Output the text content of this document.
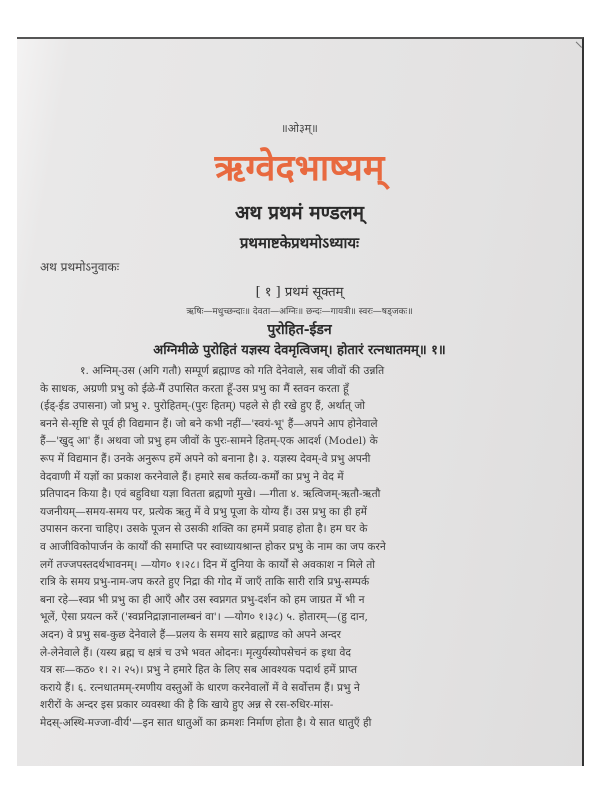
॥ओ३म्॥
ऋग्वेदभाष्यम्
अथ प्रथमं मण्डलम्
प्रथमाष्टकेप्रथमोऽध्यायः
अथ प्रथमोऽनुवाकः
[ १ ] प्रथमं सूक्तम्
ऋषिः—मधुच्छन्दाः॥ देवता—अग्निः॥ छन्दः—गायत्री॥ स्वरः—षड्जकः॥
पुरोहित-ईडन
अग्निमीळे पुरोहितं यज्ञस्य देवमृत्विजम्। होतारं रत्नधातमम्॥ १॥
१. अग्निम्-उस (अगि गतौ) सम्पूर्ण ब्रह्माण्ड को गति देनेवाले, सब जीवों की उन्नति
के साधक, अग्रणी प्रभु को ईळे-मैं उपासित करता हूँ-उस प्रभु का मैं स्तवन करता हूँ
(ईड्-ईड उपासना) जो प्रभु २. पुरोहितम्-(पुरः हितम्) पहले से ही रखे हुए हैं, अर्थात् जो
बनने से-सृष्टि से पूर्व ही विद्यमान हैं। जो बने कभी नहीं—'स्वयं-भू' हैं—अपने आप होनेवाले
हैं—'खुद् आ' हैं। अथवा जो प्रभु हम जीवों के पुरः-सामने हितम्-एक आदर्श (Model) के
रूप में विद्यमान हैं। उनके अनुरूप हमें अपने को बनाना है। ३. यज्ञस्य देवम्-वे प्रभु अपनी
वेदवाणी में यज्ञों का प्रकाश करनेवाले हैं। हमारे सब कर्तव्य-कर्मों का प्रभु ने वेद में
प्रतिपादन किया है। एवं बहुविधा यज्ञा वितता ब्रह्मणो मुखे। —गीता ४. ऋत्विजम्-ऋतौ-ऋतौ
यजनीयम्—समय-समय पर, प्रत्येक ऋतु में वे प्रभु पूजा के योग्य हैं। उस प्रभु का ही हमें
उपासन करना चाहिए। उसके पूजन से उसकी शक्ति का हममें प्रवाह होता है। हम घर के
व आजीविकोपार्जन के कार्यों की समाप्ति पर स्वाध्यायश्रान्त होकर प्रभु के नाम का जप करने
लगें तज्जपस्तदर्थभावनम्। —योग० १।२८। दिन में दुनिया के कार्यों से अवकाश न मिले तो
रात्रि के समय प्रभु-नाम-जप करते हुए निद्रा की गोद में जाएँ ताकि सारी रात्रि प्रभु-सम्पर्क
बना रहे—स्वप्न भी प्रभु का ही आएँ और उस स्वप्नगत प्रभु-दर्शन को हम जाग्रत में भी न
भूलें, ऐसा प्रयत्न करें ('स्वप्ननिद्राज्ञानालम्बनं वा'। —योग० १।३८) ५. होतारम्—(हु दान,
अदन) वे प्रभु सब-कुछ देनेवाले हैं—प्रलय के समय सारे ब्रह्माण्ड को अपने अन्दर
ले-लेनेवाले हैं। (यस्य ब्रह्म च क्षत्रं च उभे भवत ओदनः। मृत्युर्यस्योपसेचनं क इथा वेद
यत्र सः—कठ० १। २। २५)। प्रभु ने हमारे हित के लिए सब आवश्यक पदार्थ हमें प्राप्त
कराये हैं। ६. रत्नधातमम्-रमणीय वस्तुओं के धारण करनेवालों में वे सर्वोत्तम हैं। प्रभु ने
शरीरों के अन्दर इस प्रकार व्यवस्था की है कि खाये हुए अन्न से रस-रुधिर-मांस-
मेदस्-अस्थि-मज्जा-वीर्य'—इन सात धातुओं का क्रमशः निर्माण होता है। ये सात धातुएँ ही
